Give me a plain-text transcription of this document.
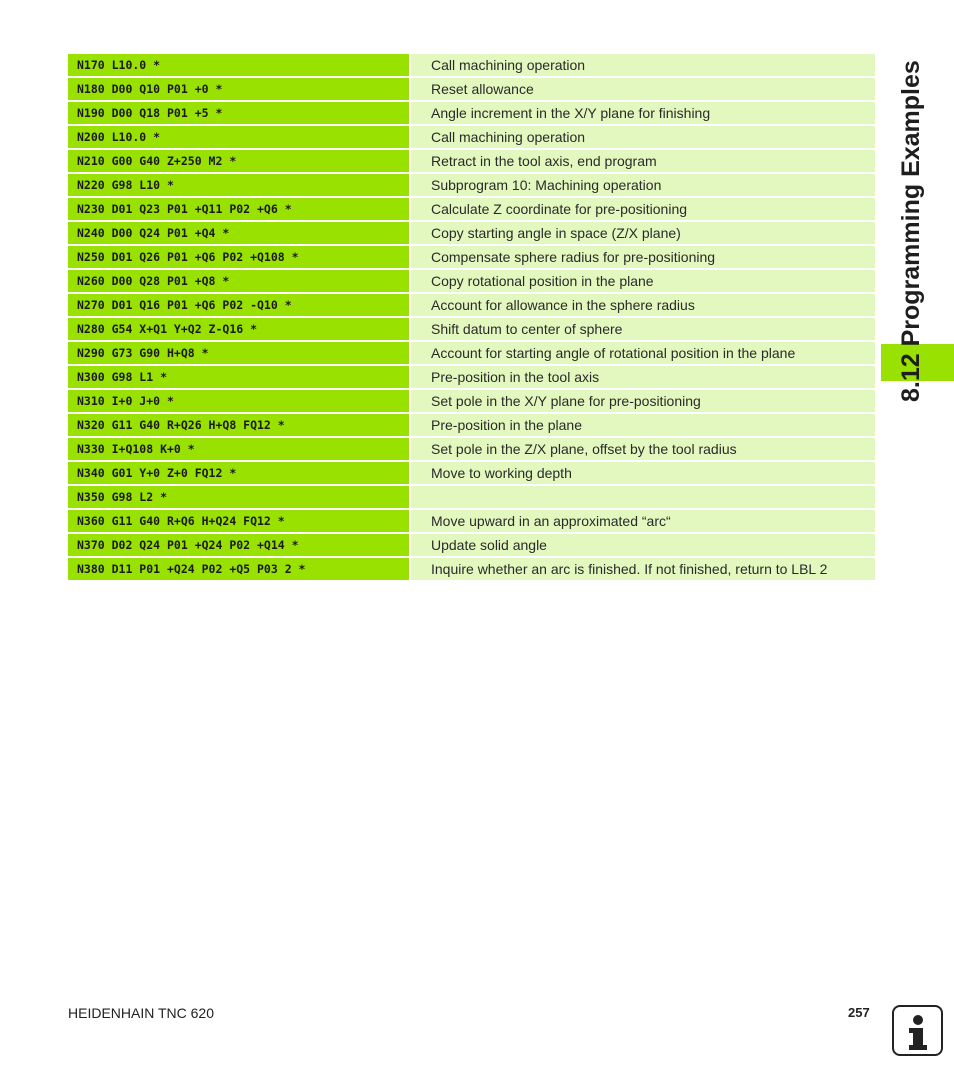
8.12 Programming Examples
N170 L10.0 *	Call machining operation
N180 D00 Q10 P01 +0 *	Reset allowance
N190 D00 Q18 P01 +5 *	Angle increment in the X/Y plane for finishing
N200 L10.0 *	Call machining operation
N210 G00 G40 Z+250 M2 *	Retract in the tool axis, end program
N220 G98 L10 *	Subprogram 10: Machining operation
N230 D01 Q23 P01 +Q11 P02 +Q6 *	Calculate Z coordinate for pre-positioning
N240 D00 Q24 P01 +Q4 *	Copy starting angle in space (Z/X plane)
N250 D01 Q26 P01 +Q6 P02 +Q108 *	Compensate sphere radius for pre-positioning
N260 D00 Q28 P01 +Q8 *	Copy rotational position in the plane
N270 D01 Q16 P01 +Q6 P02 -Q10 *	Account for allowance in the sphere radius
N280 G54 X+Q1 Y+Q2 Z-Q16 *	Shift datum to center of sphere
N290 G73 G90 H+Q8 *	Account for starting angle of rotational position in the plane
N300 G98 L1 *	Pre-position in the tool axis
N310 I+0 J+0 *	Set pole in the X/Y plane for pre-positioning
N320 G11 G40 R+Q26 H+Q8 FQ12 *	Pre-position in the plane
N330 I+Q108 K+0 *	Set pole in the Z/X plane, offset by the tool radius
N340 G01 Y+0 Z+0 FQ12 *	Move to working depth
N350 G98 L2 *
N360 G11 G40 R+Q6 H+Q24 FQ12 *	Move upward in an approximated “arc“
N370 D02 Q24 P01 +Q24 P02 +Q14 *	Update solid angle
N380 D11 P01 +Q24 P02 +Q5 P03 2 *	Inquire whether an arc is finished. If not finished, return to LBL 2
HEIDENHAIN TNC 620	257
